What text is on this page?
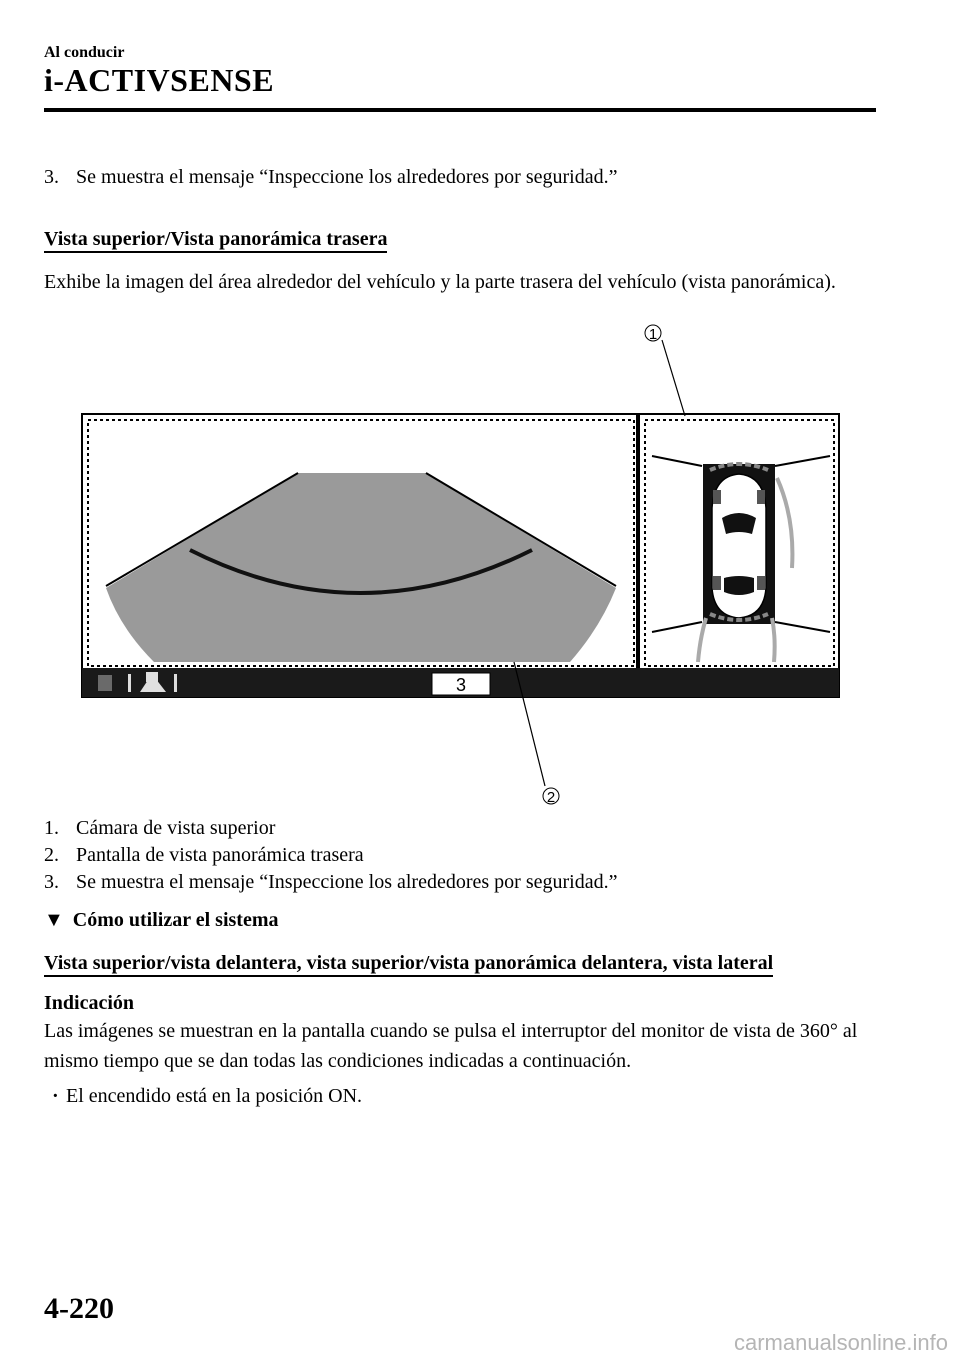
Al conducir
i-ACTIVSENSE
3. Se muestra el mensaje “Inspeccione los alrededores por seguridad.”
Vista superior/Vista panorámica trasera
Exhibe la imagen del área alrededor del vehículo y la parte trasera del vehículo (vista panorámica).
3
1
2
1. Cámara de vista superior
2. Pantalla de vista panorámica trasera
3. Se muestra el mensaje “Inspeccione los alrededores por seguridad.”
▼ Cómo utilizar el sistema
Vista superior/vista delantera, vista superior/vista panorámica delantera, vista lateral
Indicación
Las imágenes se muestran en la pantalla cuando se pulsa el interruptor del monitor de vista de 360° al mismo tiempo que se dan todas las condiciones indicadas a continuación.
· El encendido está en la posición ON.
4-220
carmanualsonline.info
